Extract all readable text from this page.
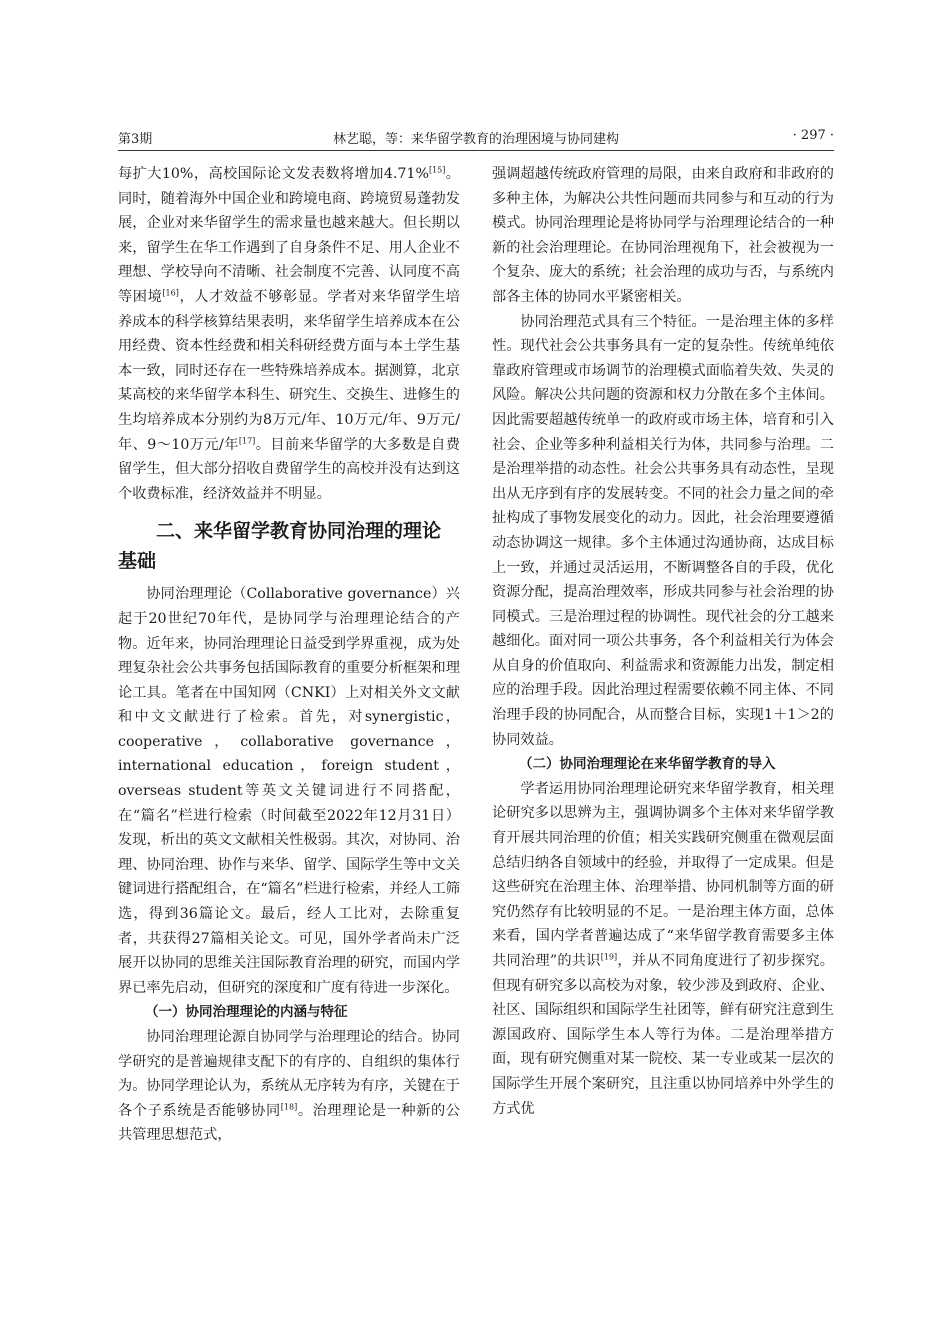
第3期	林艺聪，等：来华留学教育的治理困境与协同建构	· 297 ·

每扩大10%，高校国际论文发表数将增加4.71%[15]。同时，随着海外中国企业和跨境电商、跨境贸易蓬勃发展，企业对来华留学生的需求量也越来越大。但长期以来，留学生在华工作遇到了自身条件不足、用人企业不理想、学校导向不清晰、社会制度不完善、认同度不高等困境[16]，人才效益不够彰显。学者对来华留学生培养成本的科学核算结果表明，来华留学生培养成本在公用经费、资本性经费和相关科研经费方面与本土学生基本一致，同时还存在一些特殊培养成本。据测算，北京某高校的来华留学本科生、研究生、交换生、进修生的生均培养成本分别约为8万元/年、10万元/年、9万元/年、9～10万元/年[17]。目前来华留学的大多数是自费留学生，但大部分招收自费留学生的高校并没有达到这个收费标准，经济效益并不明显。

二、来华留学教育协同治理的理论
基础

协同治理理论（Collaborative governance）兴起于20世纪70年代，是协同学与治理理论结合的产物。近年来，协同治理理论日益受到学界重视，成为处理复杂社会公共事务包括国际教育的重要分析框架和理论工具。笔者在中国知网（CNKI）上对相关外文文献和中文文献进行了检索。首先，对synergistic，cooperative，collaborative governance，international education，foreign student，overseas student等英文关键词进行不同搭配，在“篇名”栏进行检索（时间截至2022年12月31日）发现，析出的英文文献相关性极弱。其次，对协同、治理、协同治理、协作与来华、留学、国际学生等中文关键词进行搭配组合，在“篇名”栏进行检索，并经人工筛选，得到36篇论文。最后，经人工比对，去除重复者，共获得27篇相关论文。可见，国外学者尚未广泛展开以协同的思维关注国际教育治理的研究，而国内学界已率先启动，但研究的深度和广度有待进一步深化。

（一）协同治理理论的内涵与特征

协同治理理论源自协同学与治理理论的结合。协同学研究的是普遍规律支配下的有序的、自组织的集体行为。协同学理论认为，系统从无序转为有序，关键在于各个子系统是否能够协同[18]。治理理论是一种新的公共管理思想范式，

强调超越传统政府管理的局限，由来自政府和非政府的多种主体，为解决公共性问题而共同参与和互动的行为模式。协同治理理论是将协同学与治理理论结合的一种新的社会治理理论。在协同治理视角下，社会被视为一个复杂、庞大的系统；社会治理的成功与否，与系统内部各主体的协同水平紧密相关。

协同治理范式具有三个特征。一是治理主体的多样性。现代社会公共事务具有一定的复杂性。传统单纯依靠政府管理或市场调节的治理模式面临着失效、失灵的风险。解决公共问题的资源和权力分散在多个主体间。因此需要超越传统单一的政府或市场主体，培育和引入社会、企业等多种利益相关行为体，共同参与治理。二是治理举措的动态性。社会公共事务具有动态性，呈现出从无序到有序的发展转变。不同的社会力量之间的牵扯构成了事物发展变化的动力。因此，社会治理要遵循动态协调这一规律。多个主体通过沟通协商，达成目标上一致，并通过灵活运用，不断调整各自的手段，优化资源分配，提高治理效率，形成共同参与社会治理的协同模式。三是治理过程的协调性。现代社会的分工越来越细化。面对同一项公共事务，各个利益相关行为体会从自身的价值取向、利益需求和资源能力出发，制定相应的治理手段。因此治理过程需要依赖不同主体、不同治理手段的协同配合，从而整合目标，实现1＋1＞2的协同效益。

（二）协同治理理论在来华留学教育的导入

学者运用协同治理理论研究来华留学教育，相关理论研究多以思辨为主，强调协调多个主体对来华留学教育开展共同治理的价值；相关实践研究侧重在微观层面总结归纳各自领域中的经验，并取得了一定成果。但是这些研究在治理主体、治理举措、协同机制等方面的研究仍然存有比较明显的不足。一是治理主体方面，总体来看，国内学者普遍达成了“来华留学教育需要多主体共同治理”的共识[19]，并从不同角度进行了初步探究。但现有研究多以高校为对象，较少涉及到政府、企业、社区、国际组织和国际学生社团等，鲜有研究注意到生源国政府、国际学生本人等行为体。二是治理举措方面，现有研究侧重对某一院校、某一专业或某一层次的国际学生开展个案研究，且注重以协同培养中外学生的方式优
